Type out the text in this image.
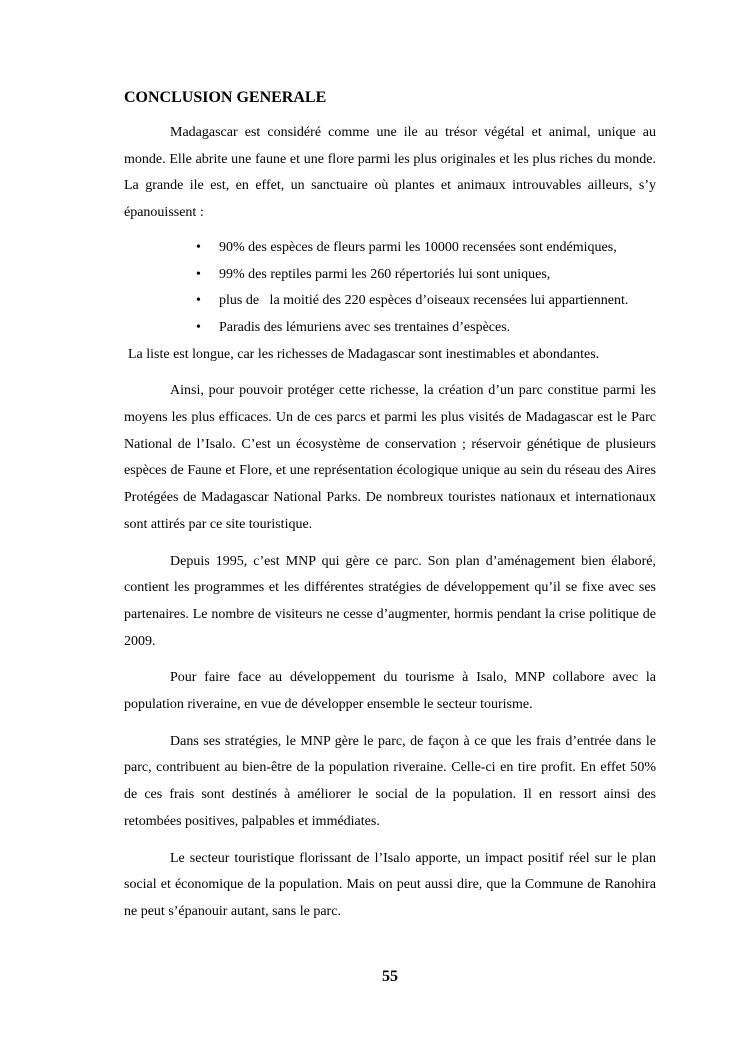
CONCLUSION GENERALE

Madagascar est considéré comme une ile au trésor végétal et animal, unique au monde. Elle abrite une faune et une flore parmi les plus originales et les plus riches du monde. La grande ile est, en effet, un sanctuaire où plantes et animaux introuvables ailleurs, s’y épanouissent :

• 90% des espèces de fleurs parmi les 10000 recensées sont endémiques,
• 99% des reptiles parmi les 260 répertoriés lui sont uniques,
• plus de   la moitié des 220 espèces d’oiseaux recensées lui appartiennent.
• Paradis des lémuriens avec ses trentaines d’espèces.

La liste est longue, car les richesses de Madagascar sont inestimables et abondantes.

Ainsi, pour pouvoir protéger cette richesse, la création d’un parc constitue parmi les moyens les plus efficaces. Un de ces parcs et parmi les plus visités de Madagascar est le Parc National de l’Isalo. C’est un écosystème de conservation ; réservoir génétique de plusieurs espèces de Faune et Flore, et une représentation écologique unique au sein du réseau des Aires Protégées de Madagascar National Parks. De nombreux touristes nationaux et internationaux sont attirés par ce site touristique.

Depuis 1995, c’est MNP qui gère ce parc. Son plan d’aménagement bien élaboré, contient les programmes et les différentes stratégies de développement qu’il se fixe avec ses partenaires. Le nombre de visiteurs ne cesse d’augmenter, hormis pendant la crise politique de 2009.

Pour faire face au développement du tourisme à Isalo, MNP collabore avec la population riveraine, en vue de développer ensemble le secteur tourisme.

Dans ses stratégies, le MNP gère le parc, de façon à ce que les frais d’entrée dans le parc, contribuent au bien-être de la population riveraine. Celle-ci en tire profit. En effet 50% de ces frais sont destinés à améliorer le social de la population. Il en ressort ainsi des retombées positives, palpables et immédiates.

Le secteur touristique florissant de l’Isalo apporte, un impact positif réel sur le plan social et économique de la population. Mais on peut aussi dire, que la Commune de Ranohira ne peut s’épanouir autant, sans le parc.

55
